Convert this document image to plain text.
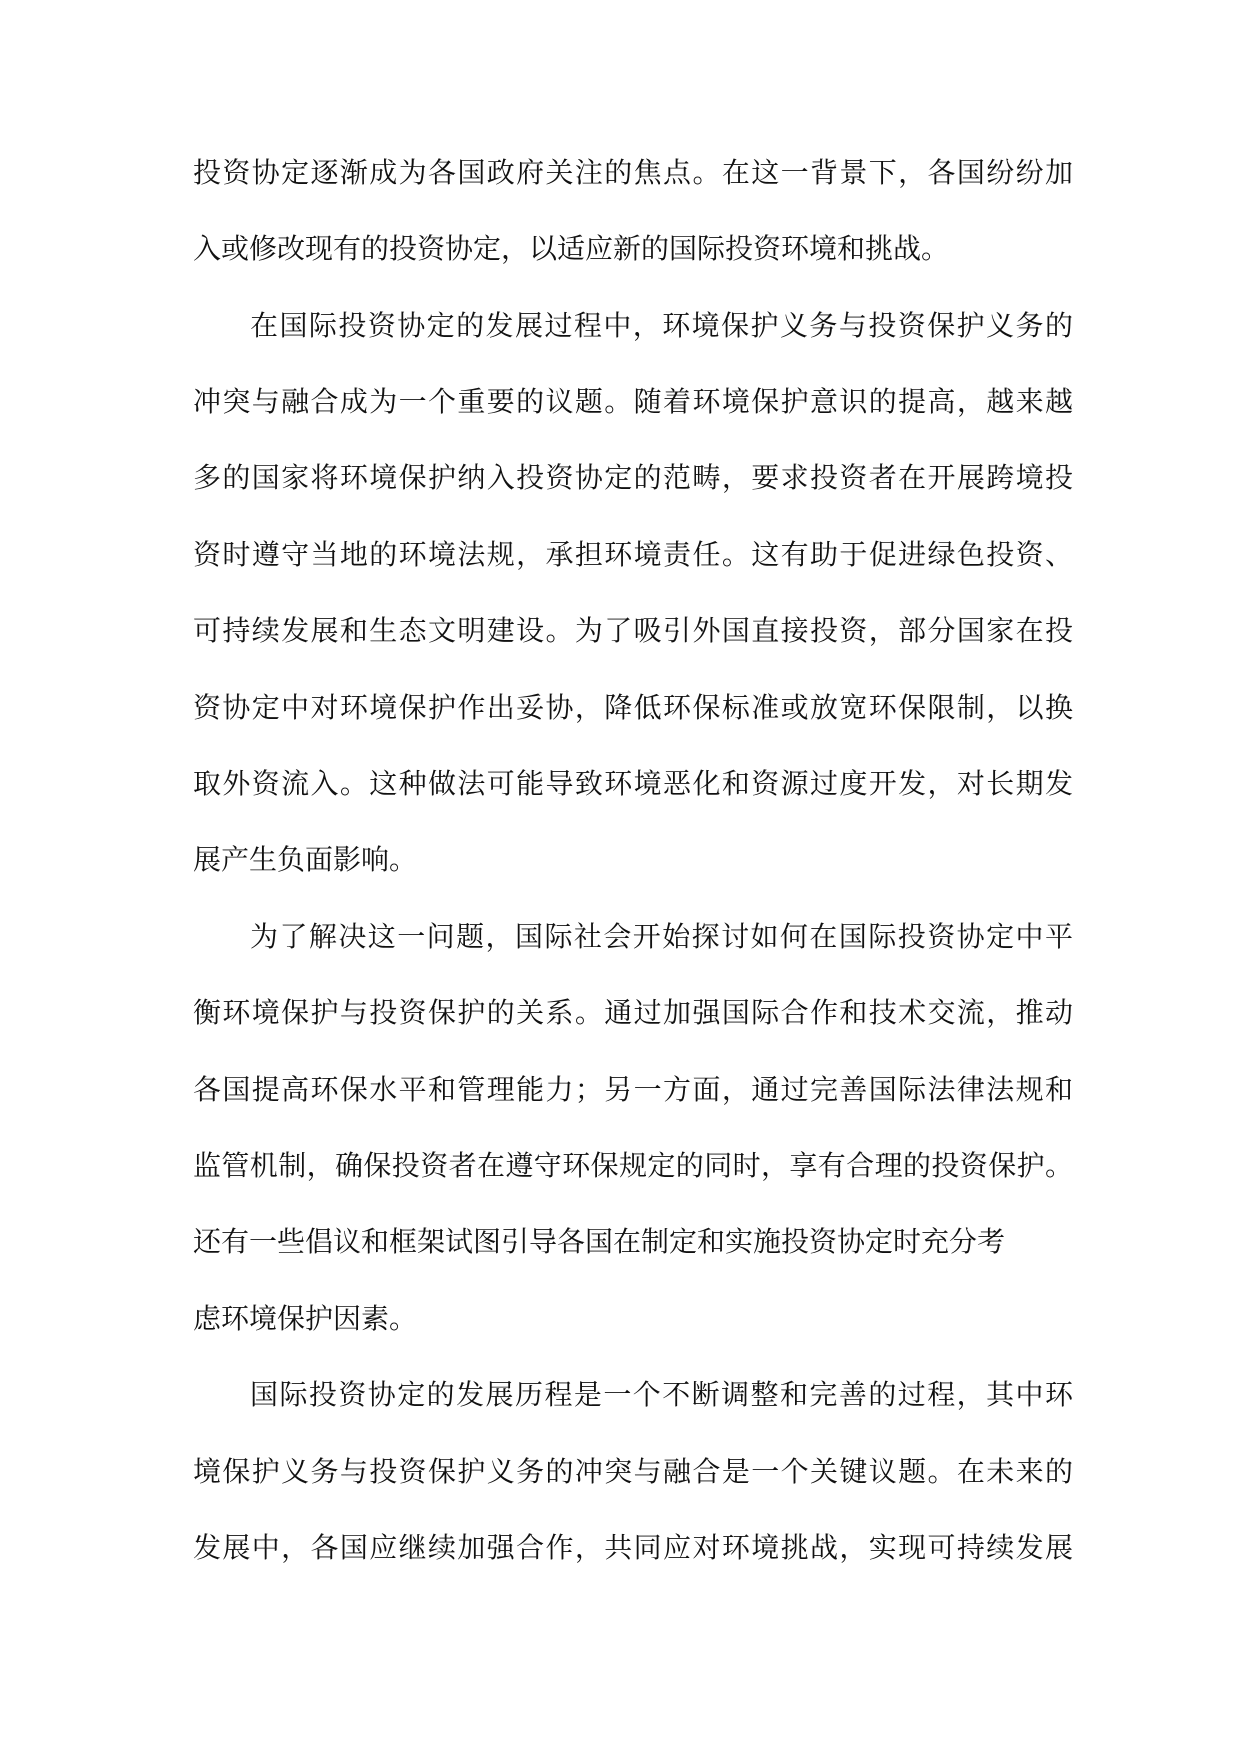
投资协定逐渐成为各国政府关注的焦点。在这一背景下，各国纷纷加
入或修改现有的投资协定，以适应新的国际投资环境和挑战。
在国际投资协定的发展过程中，环境保护义务与投资保护义务的
冲突与融合成为一个重要的议题。随着环境保护意识的提高，越来越
多的国家将环境保护纳入投资协定的范畴，要求投资者在开展跨境投
资时遵守当地的环境法规，承担环境责任。这有助于促进绿色投资、
可持续发展和生态文明建设。为了吸引外国直接投资，部分国家在投
资协定中对环境保护作出妥协，降低环保标准或放宽环保限制，以换
取外资流入。这种做法可能导致环境恶化和资源过度开发，对长期发
展产生负面影响。
为了解决这一问题，国际社会开始探讨如何在国际投资协定中平
衡环境保护与投资保护的关系。通过加强国际合作和技术交流，推动
各国提高环保水平和管理能力；另一方面，通过完善国际法律法规和
监管机制，确保投资者在遵守环保规定的同时，享有合理的投资保护。
还有一些倡议和框架试图引导各国在制定和实施投资协定时充分考
虑环境保护因素。
国际投资协定的发展历程是一个不断调整和完善的过程，其中环
境保护义务与投资保护义务的冲突与融合是一个关键议题。在未来的
发展中，各国应继续加强合作，共同应对环境挑战，实现可持续发展
